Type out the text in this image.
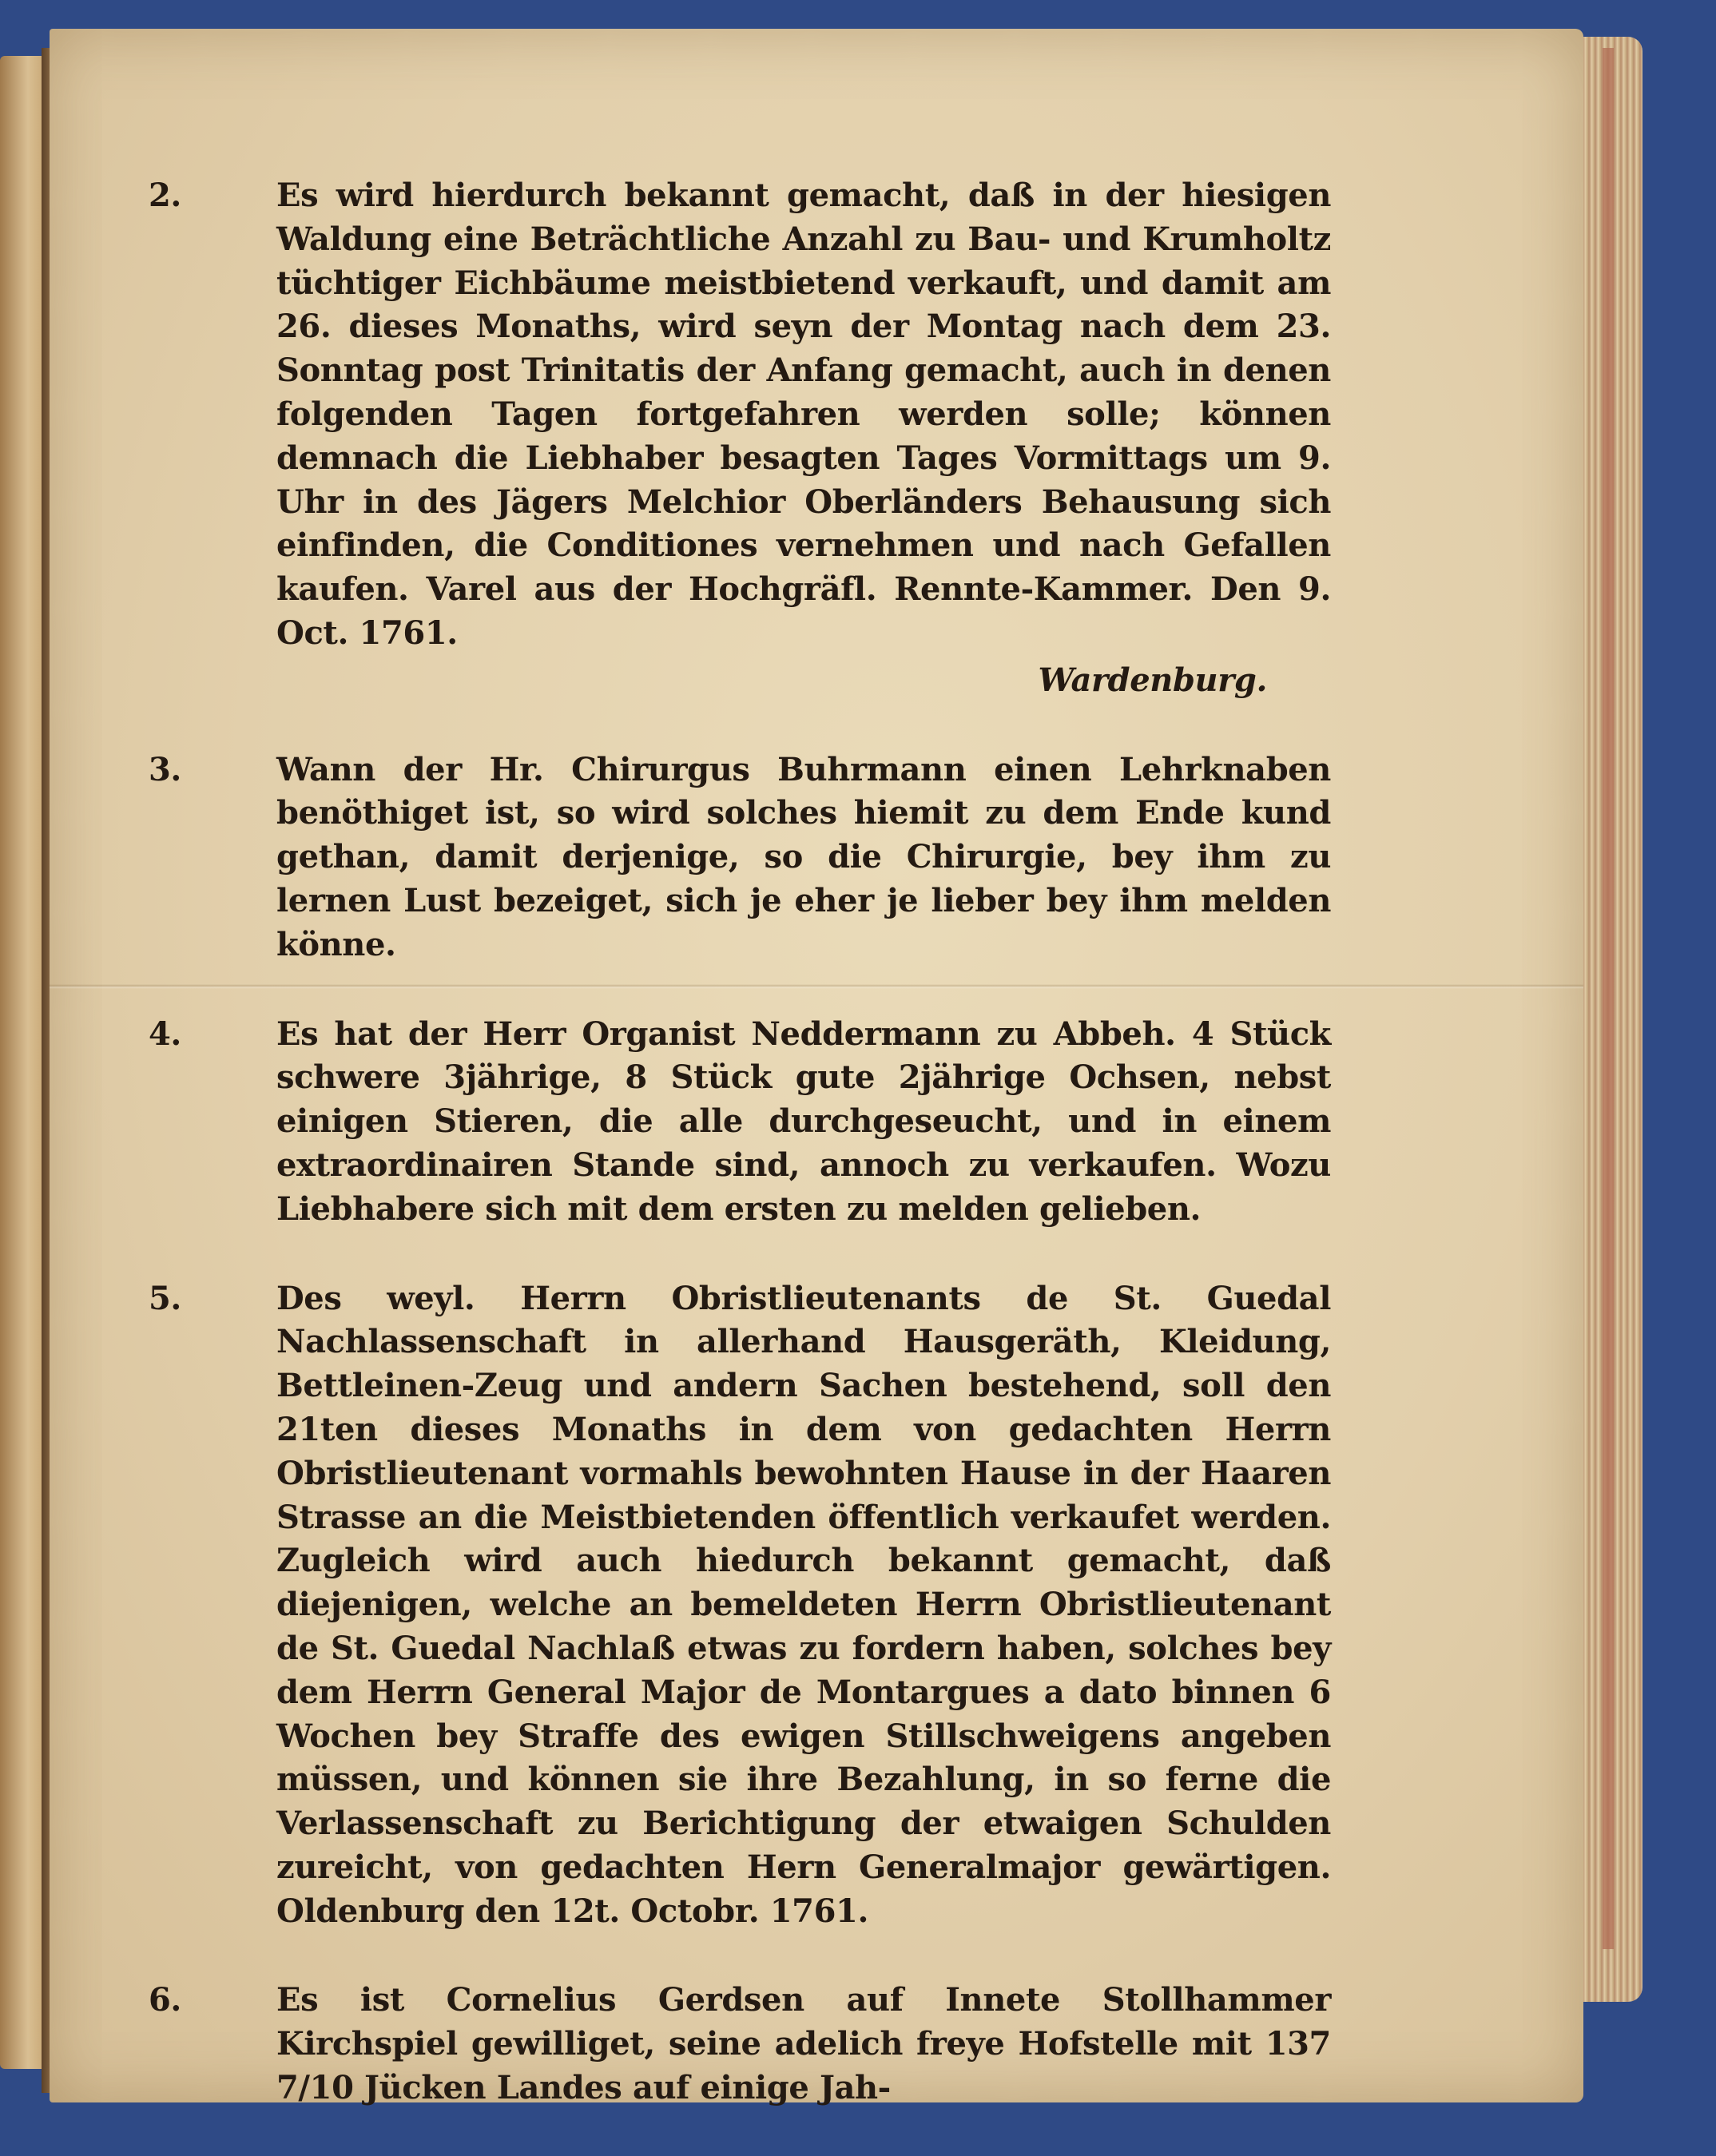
2.	Es wird hierdurch bekannt gemacht, daß in der hiesigen Waldung eine Beträchtliche Anzahl zu Bau- und Krumholtz tüchtiger Eichbäume meistbietend verkauft, und damit am 26. dieses Monaths, wird seyn der Montag nach dem 23. Sonntag post Trinitatis der Anfang gemacht, auch in denen folgenden Tagen fortgefahren werden solle; können demnach die Liebhaber besagten Tages Vormittags um 9. Uhr in des Jägers Melchior Oberländers Behausung sich einfinden, die Conditiones vernehmen und nach Gefallen kaufen. Varel aus der Hochgräfl. Rennte-Kammer. Den 9. Oct. 1761.
Wardenburg.
3.	Wann der Hr. Chirurgus Buhrmann einen Lehrknaben benöthiget ist, so wird solches hiemit zu dem Ende kund gethan, damit derjenige, so die Chirurgie, bey ihm zu lernen Lust bezeiget, sich je eher je lieber bey ihm melden könne.
4.	Es hat der Herr Organist Neddermann zu Abbeh. 4 Stück schwere 3jährige, 8 Stück gute 2jährige Ochsen, nebst einigen Stieren, die alle durchgeseucht, und in einem extraordinairen Stande sind, annoch zu verkaufen. Wozu Liebhabere sich mit dem ersten zu melden gelieben.
5.	Des weyl. Herrn Obristlieutenants de St. Guedal Nachlassenschaft in allerhand Hausgeräth, Kleidung, Bettleinen-Zeug und andern Sachen bestehend, soll den 21ten dieses Monaths in dem von gedachten Herrn Obristlieutenant vormahls bewohnten Hause in der Haaren Strasse an die Meistbietenden öffentlich verkaufet werden. Zugleich wird auch hiedurch bekannt gemacht, daß diejenigen, welche an bemeldeten Herrn Obristlieutenant de St. Guedal Nachlaß etwas zu fordern haben, solches bey dem Herrn General Major de Montargues a dato binnen 6 Wochen bey Straffe des ewigen Stillschweigens angeben müssen, und können sie ihre Bezahlung, in so ferne die Verlassenschaft zu Berichtigung der etwaigen Schulden zureicht, von gedachten Hern Generalmajor gewärtigen. Oldenburg den 12t. Octobr. 1761.
6.	Es ist Cornelius Gerdsen auf Innete Stollhammer Kirchspiel gewilliget, seine adelich freye Hofstelle mit 137 7/10 Jücken Landes auf einige Jah-
